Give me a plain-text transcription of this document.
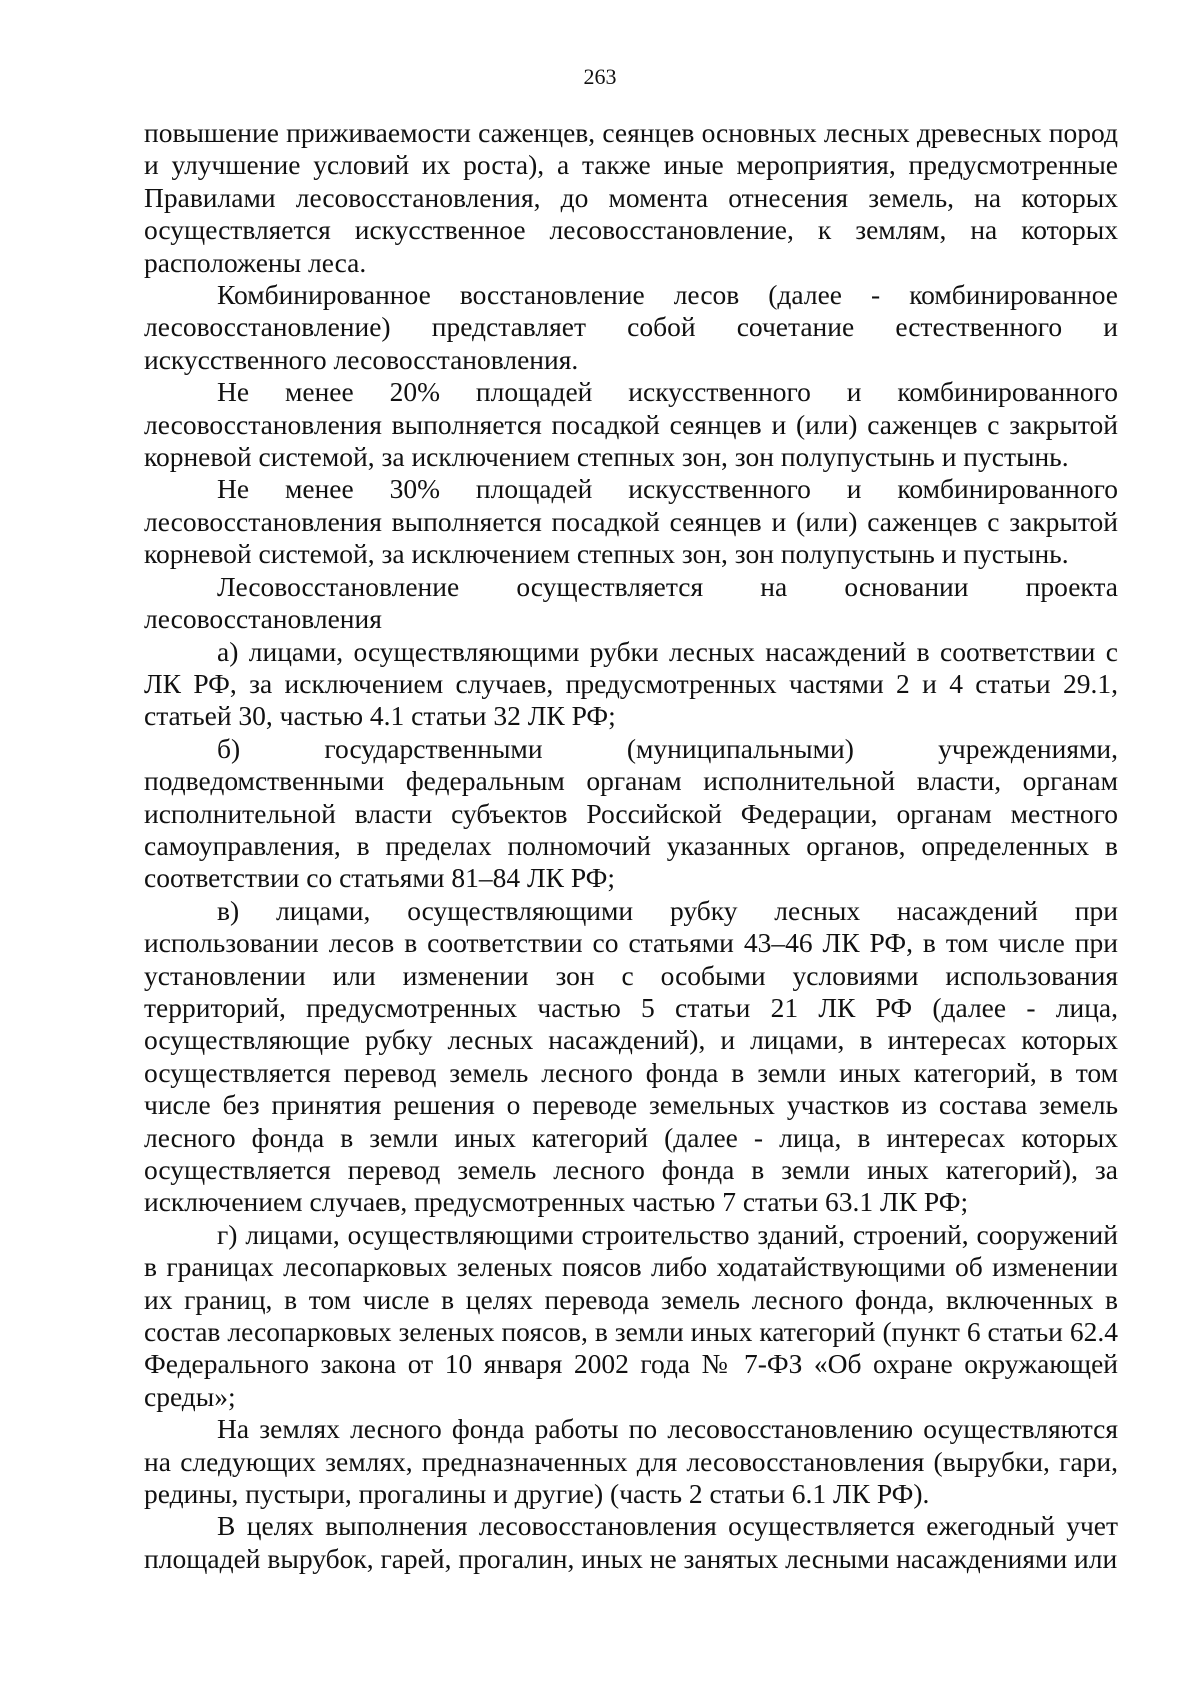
263

повышение приживаемости саженцев, сеянцев основных лесных древесных пород и улучшение условий их роста), а также иные мероприятия, предусмотренные Правилами лесовосстановления, до момента отнесения земель, на которых осуществляется искусственное лесовосстановление, к землям, на которых расположены леса.

Комбинированное восстановление лесов (далее - комбинированное лесовосстановление) представляет собой сочетание естественного и искусственного лесовосстановления.

Не менее 20% площадей искусственного и комбинированного лесовосстановления выполняется посадкой сеянцев и (или) саженцев с закрытой корневой системой, за исключением степных зон, зон полупустынь и пустынь.

Не менее 30% площадей искусственного и комбинированного лесовосстановления выполняется посадкой сеянцев и (или) саженцев с закрытой корневой системой, за исключением степных зон, зон полупустынь и пустынь.

Лесовосстановление осуществляется на основании проекта лесовосстановления

а) лицами, осуществляющими рубки лесных насаждений в соответствии с ЛК РФ, за исключением случаев, предусмотренных частями 2 и 4 статьи 29.1, статьей 30, частью 4.1 статьи 32 ЛК РФ;

б) государственными (муниципальными) учреждениями, подведомственными федеральным органам исполнительной власти, органам исполнительной власти субъектов Российской Федерации, органам местного самоуправления, в пределах полномочий указанных органов, определенных в соответствии со статьями 81–84 ЛК РФ;

в) лицами, осуществляющими рубку лесных насаждений при использовании лесов в соответствии со статьями 43–46 ЛК РФ, в том числе при установлении или изменении зон с особыми условиями использования территорий, предусмотренных частью 5 статьи 21 ЛК РФ (далее - лица, осуществляющие рубку лесных насаждений), и лицами, в интересах которых осуществляется перевод земель лесного фонда в земли иных категорий, в том числе без принятия решения о переводе земельных участков из состава земель лесного фонда в земли иных категорий (далее - лица, в интересах которых осуществляется перевод земель лесного фонда в земли иных категорий), за исключением случаев, предусмотренных частью 7 статьи 63.1 ЛК РФ;

г) лицами, осуществляющими строительство зданий, строений, сооружений в границах лесопарковых зеленых поясов либо ходатайствующими об изменении их границ, в том числе в целях перевода земель лесного фонда, включенных в состав лесопарковых зеленых поясов, в земли иных категорий (пункт 6 статьи 62.4 Федерального закона от 10 января 2002 года № 7-ФЗ «Об охране окружающей среды»;

На землях лесного фонда работы по лесовосстановлению осуществляются на следующих землях, предназначенных для лесовосстановления (вырубки, гари, редины, пустыри, прогалины и другие) (часть 2 статьи 6.1 ЛК РФ).

В целях выполнения лесовосстановления осуществляется ежегодный учет площадей вырубок, гарей, прогалин, иных не занятых лесными насаждениями или
